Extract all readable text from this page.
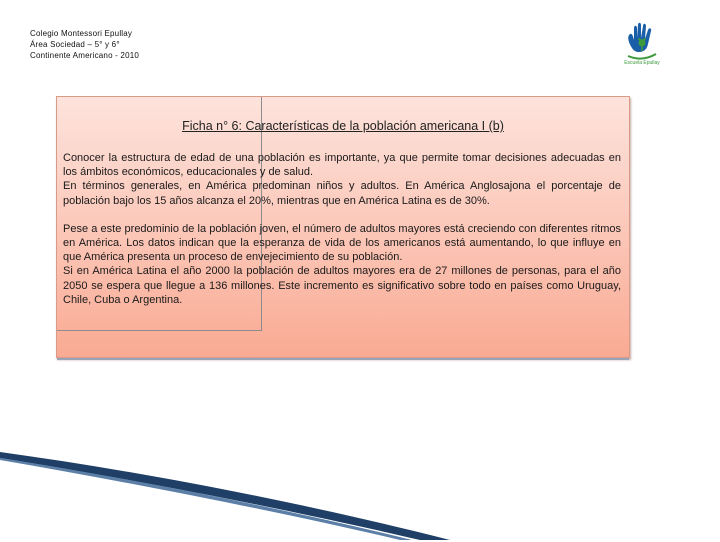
Colegio Montessori Epullay
Área Sociedad – 5° y 6°
Continente Americano - 2010
Escuela Epullay
Ficha n° 6: Características de la población americana I (b)

Conocer la estructura de edad de una población es importante, ya que permite tomar decisiones adecuadas en los ámbitos económicos, educacionales y de salud.
En términos generales, en América predominan niños y adultos. En América Anglosajona el porcentaje de población bajo los 15 años alcanza el 20%, mientras que en América Latina es de 30%.

Pese a este predominio de la población joven, el número de adultos mayores está creciendo con diferentes ritmos en América. Los datos indican que la esperanza de vida de los americanos está aumentando, lo que influye en que América presenta un proceso de envejecimiento de su población.
Si en América Latina el año 2000 la población de adultos mayores era de 27 millones de personas, para el año 2050 se espera que llegue a 136 millones. Este incremento es significativo sobre todo en países como Uruguay, Chile, Cuba o Argentina.
